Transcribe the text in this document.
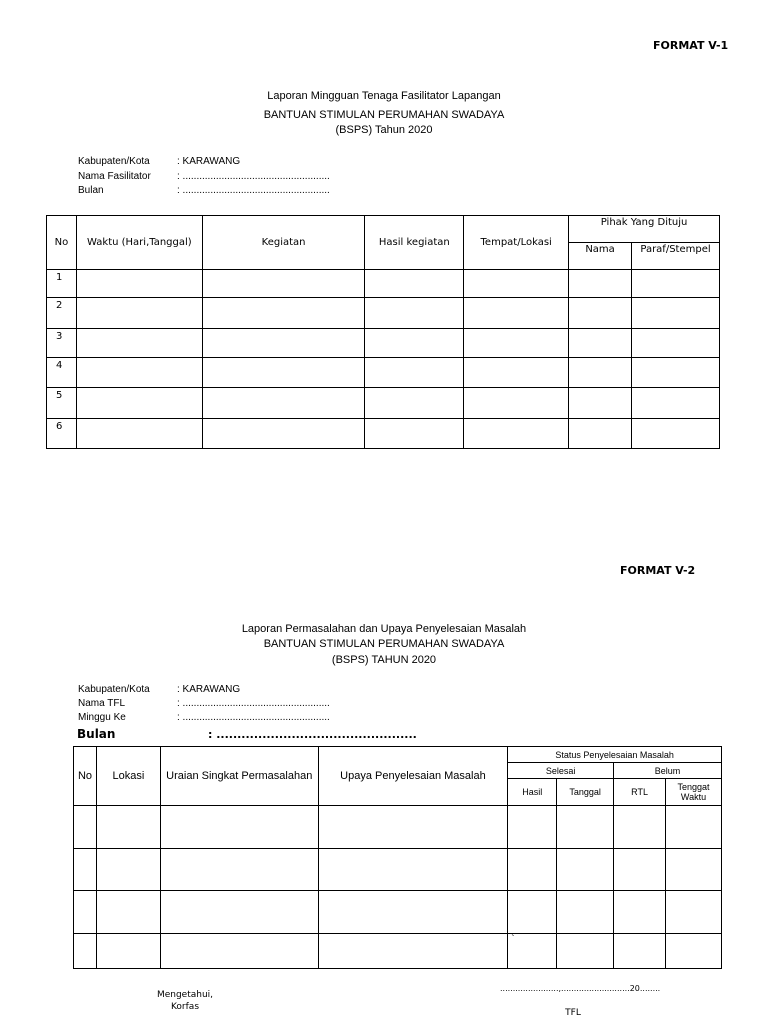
FORMAT V-1
Laporan Mingguan Tenaga Fasilitator Lapangan
BANTUAN STIMULAN PERUMAHAN SWADAYA
(BSPS) Tahun 2020
Kabupaten/Kota	: KARAWANG
Nama Fasilitator	: .....................................................
Bulan	: .....................................................
No	Waktu (Hari,Tanggal)	Kegiatan	Hasil kegiatan	Tempat/Lokasi	Pihak Yang Dituju	
					Nama	Paraf/Stempel
1						
2						
3						
4						
5						
6						
FORMAT V-2
Laporan Permasalahan dan Upaya Penyelesaian Masalah
BANTUAN STIMULAN PERUMAHAN SWADAYA
(BSPS) TAHUN 2020
Kabupaten/Kota	: KARAWANG
Nama TFL	: .....................................................
Minggu Ke	: .....................................................
Bulan	: ................................................
No	Lokasi	Uraian Singkat Permasalahan	Upaya Penyelesaian Masalah	Status Penyelesaian Masalah			
				Selesai		Belum	
				Hasil	Tanggal	RTL	Tenggat Waktu

				`			
Mengetahui,
Korfas
.......................,...........................20........
TFL
